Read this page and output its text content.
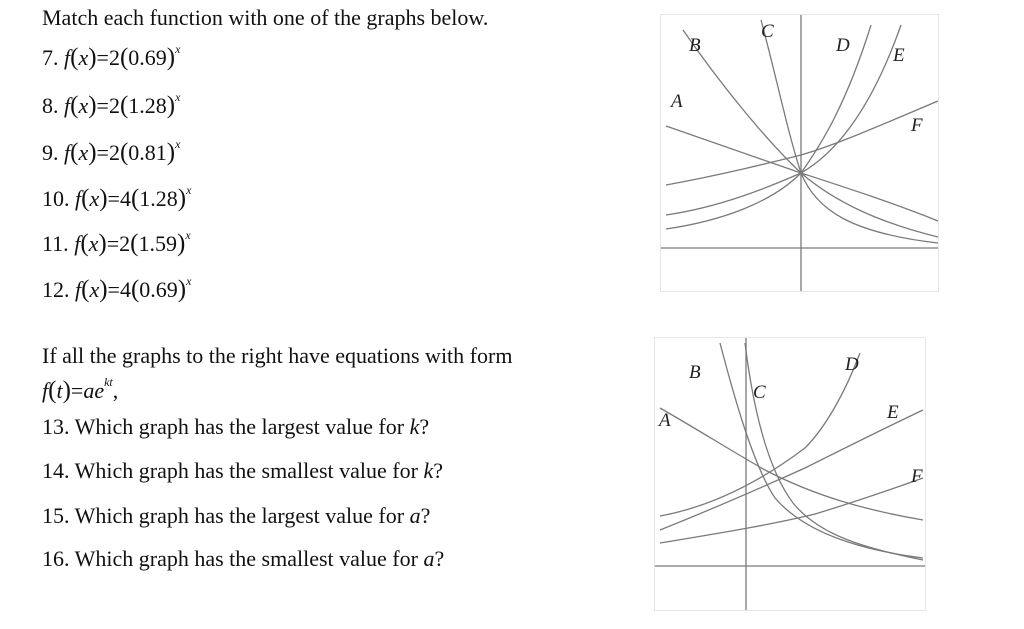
Match each function with one of the graphs below.
7. $f(x)=2(0.69)^x$
8. $f(x)=2(1.28)^x$
9. $f(x)=2(0.81)^x$
10. $f(x)=4(1.28)^x$
11. $f(x)=2(1.59)^x$
12. $f(x)=4(0.69)^x$
If all the graphs to the right have equations with form
$f(t)=ae^{kt}$,
13. Which graph has the largest value for k?
14. Which graph has the smallest value for k?
15. Which graph has the largest value for a?
16. Which graph has the smallest value for a?
B
C
D E
A
F
B
C
D
E
A
F
